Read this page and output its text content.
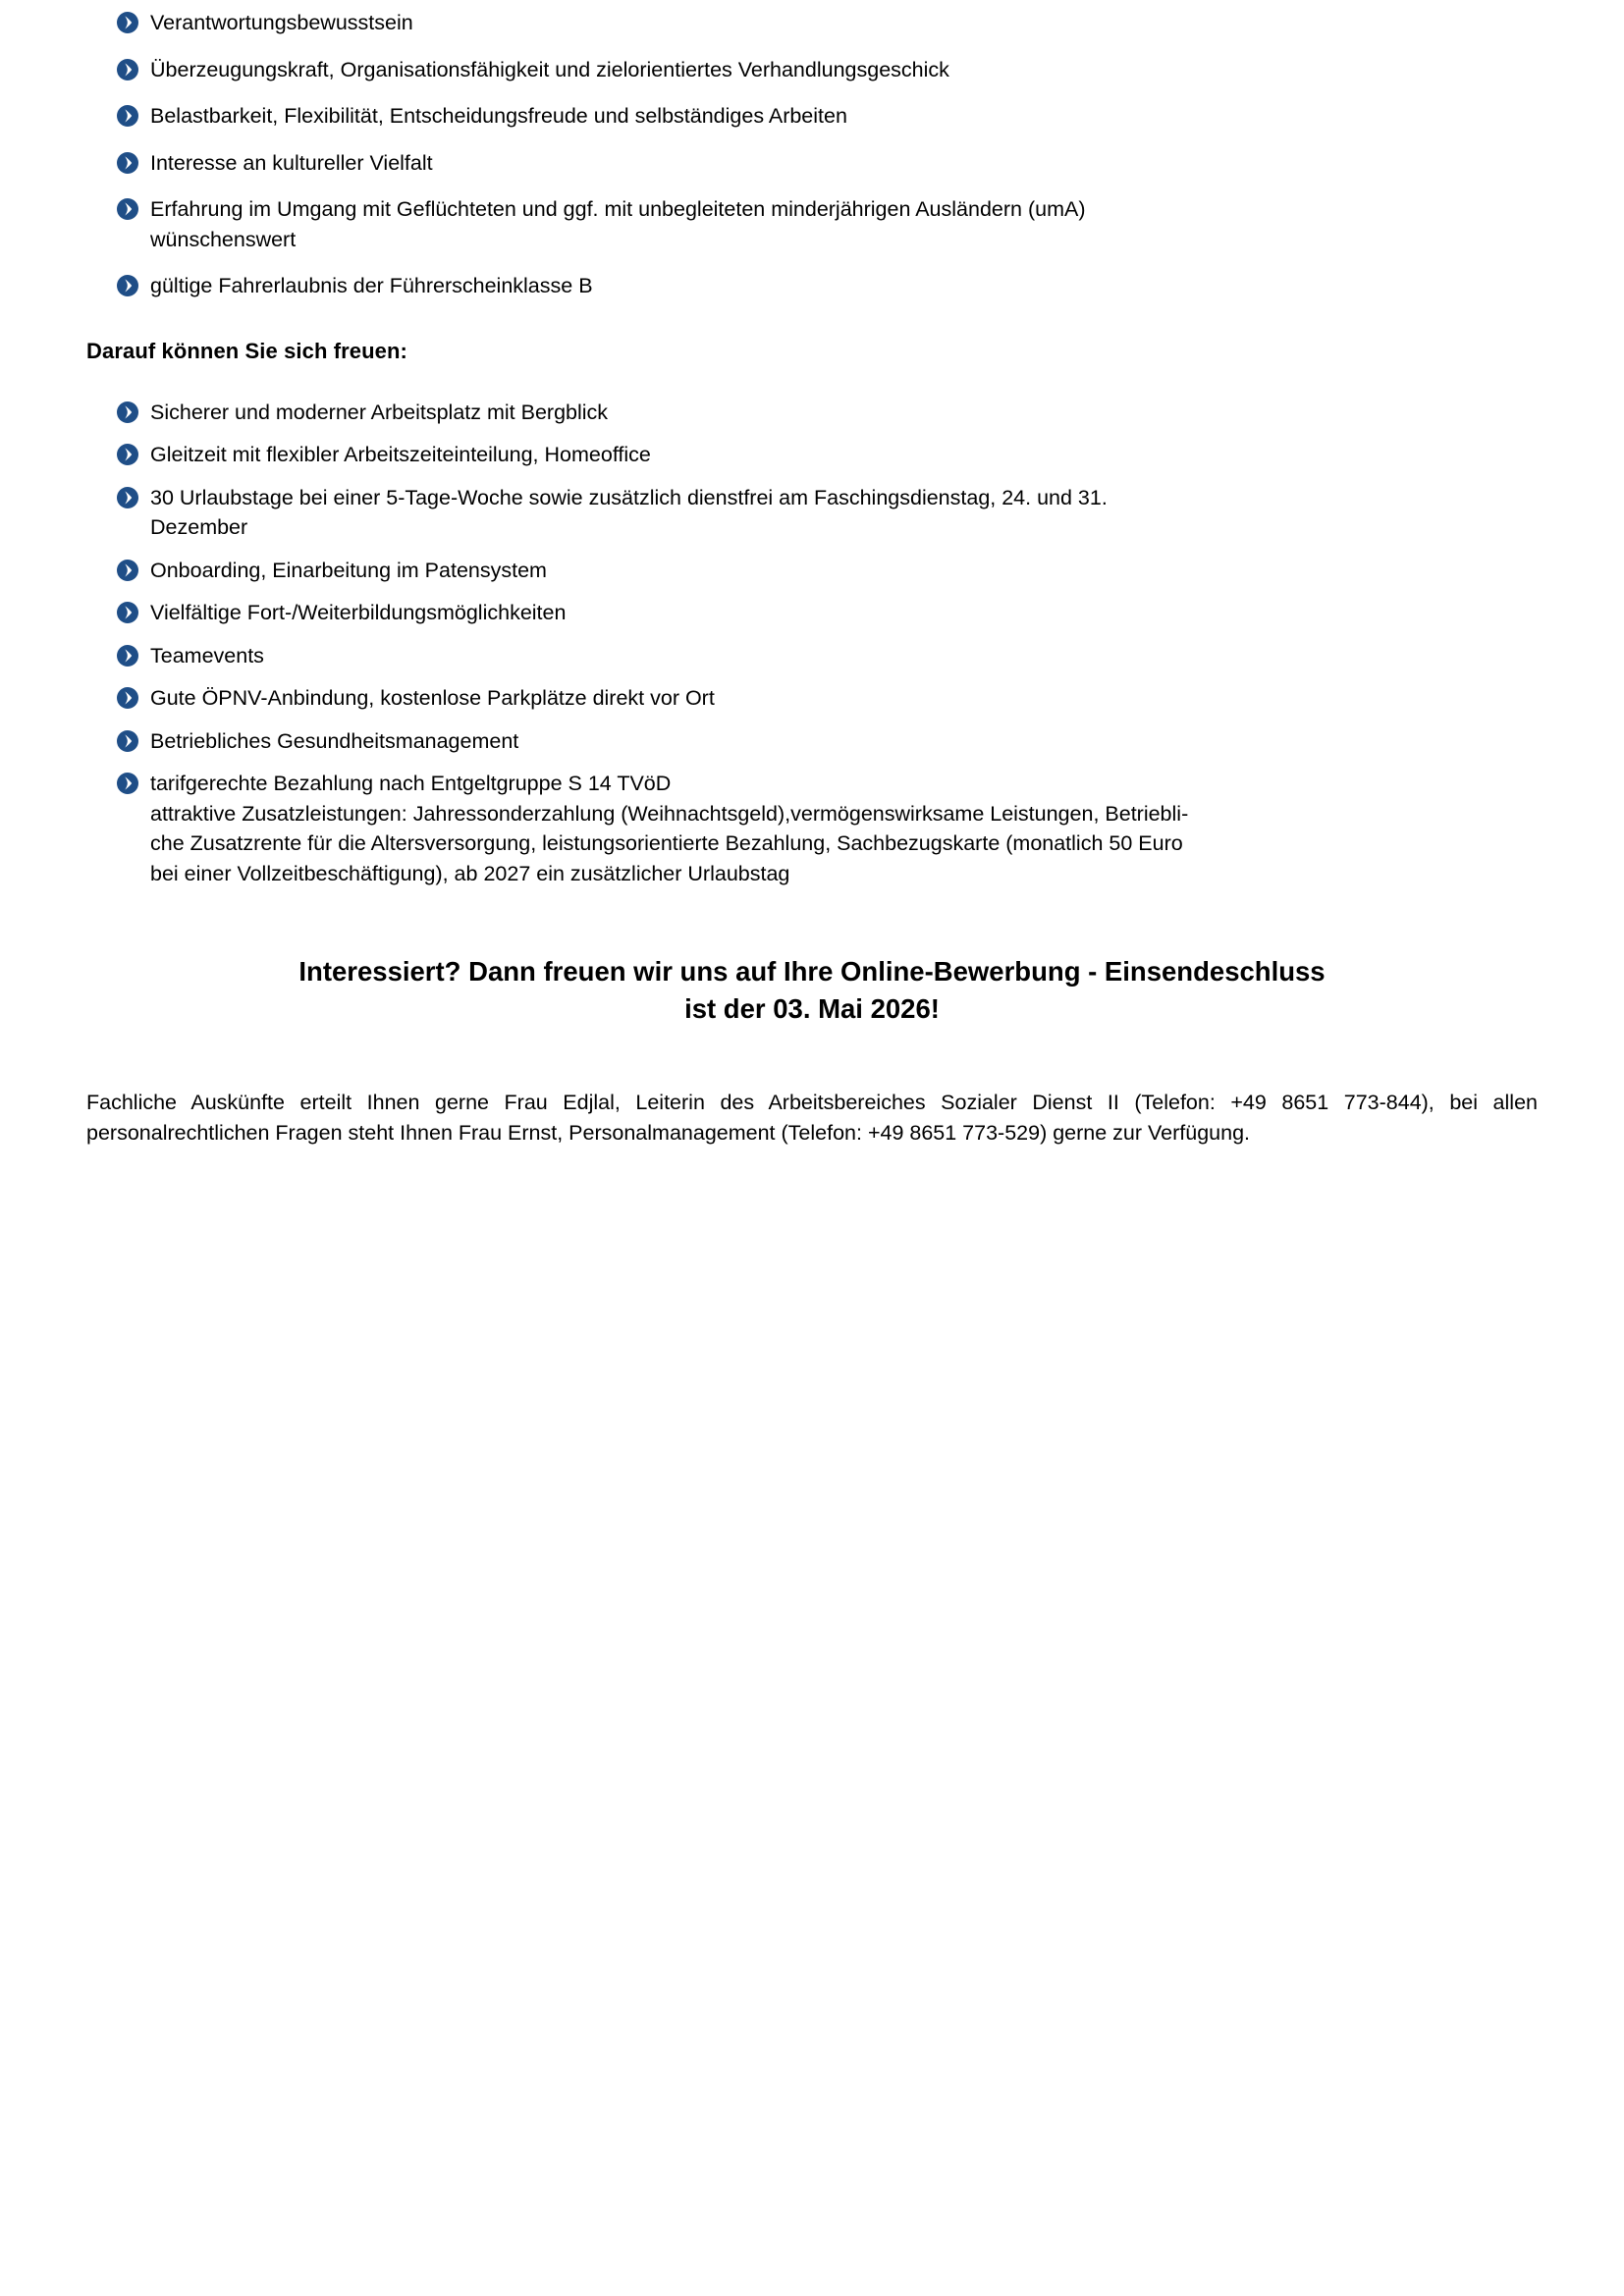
Verantwortungsbewusstsein
Überzeugungskraft, Organisationsfähigkeit und zielorientiertes Verhandlungsgeschick
Belastbarkeit, Flexibilität, Entscheidungsfreude und selbständiges Arbeiten
Interesse an kultureller Vielfalt
Erfahrung im Umgang mit Geflüchteten und ggf. mit unbegleiteten minderjährigen Ausländern (umA)
wünschenswert
gültige Fahrerlaubnis der Führerscheinklasse B
Darauf können Sie sich freuen:
Sicherer und moderner Arbeitsplatz mit Bergblick
Gleitzeit mit flexibler Arbeitszeiteinteilung, Homeoffice
30 Urlaubstage bei einer 5-Tage-Woche sowie zusätzlich dienstfrei am Faschingsdienstag, 24. und 31.
Dezember
Onboarding, Einarbeitung im Patensystem
Vielfältige Fort-/Weiterbildungsmöglichkeiten
Teamevents
Gute ÖPNV-Anbindung, kostenlose Parkplätze direkt vor Ort
Betriebliches Gesundheitsmanagement
tarifgerechte Bezahlung nach Entgeltgruppe S 14 TVöD
attraktive Zusatzleistungen: Jahressonderzahlung (Weihnachtsgeld),vermögenswirksame Leistungen, Betriebli-
che Zusatzrente für die Altersversorgung, leistungsorientierte Bezahlung, Sachbezugskarte (monatlich 50 Euro
bei einer Vollzeitbeschäftigung), ab 2027 ein zusätzlicher Urlaubstag
Interessiert? Dann freuen wir uns auf Ihre Online-Bewerbung - Einsendeschluss
ist der 03. Mai 2026!

Fachliche Auskünfte erteilt Ihnen gerne Frau Edjlal, Leiterin des Arbeitsbereiches Sozialer Dienst II (Telefon: +49 8651 773-844), bei allen personalrechtlichen Fragen steht Ihnen Frau Ernst, Personalmanagement (Telefon: +49 8651 773-529) gerne zur Verfügung.
